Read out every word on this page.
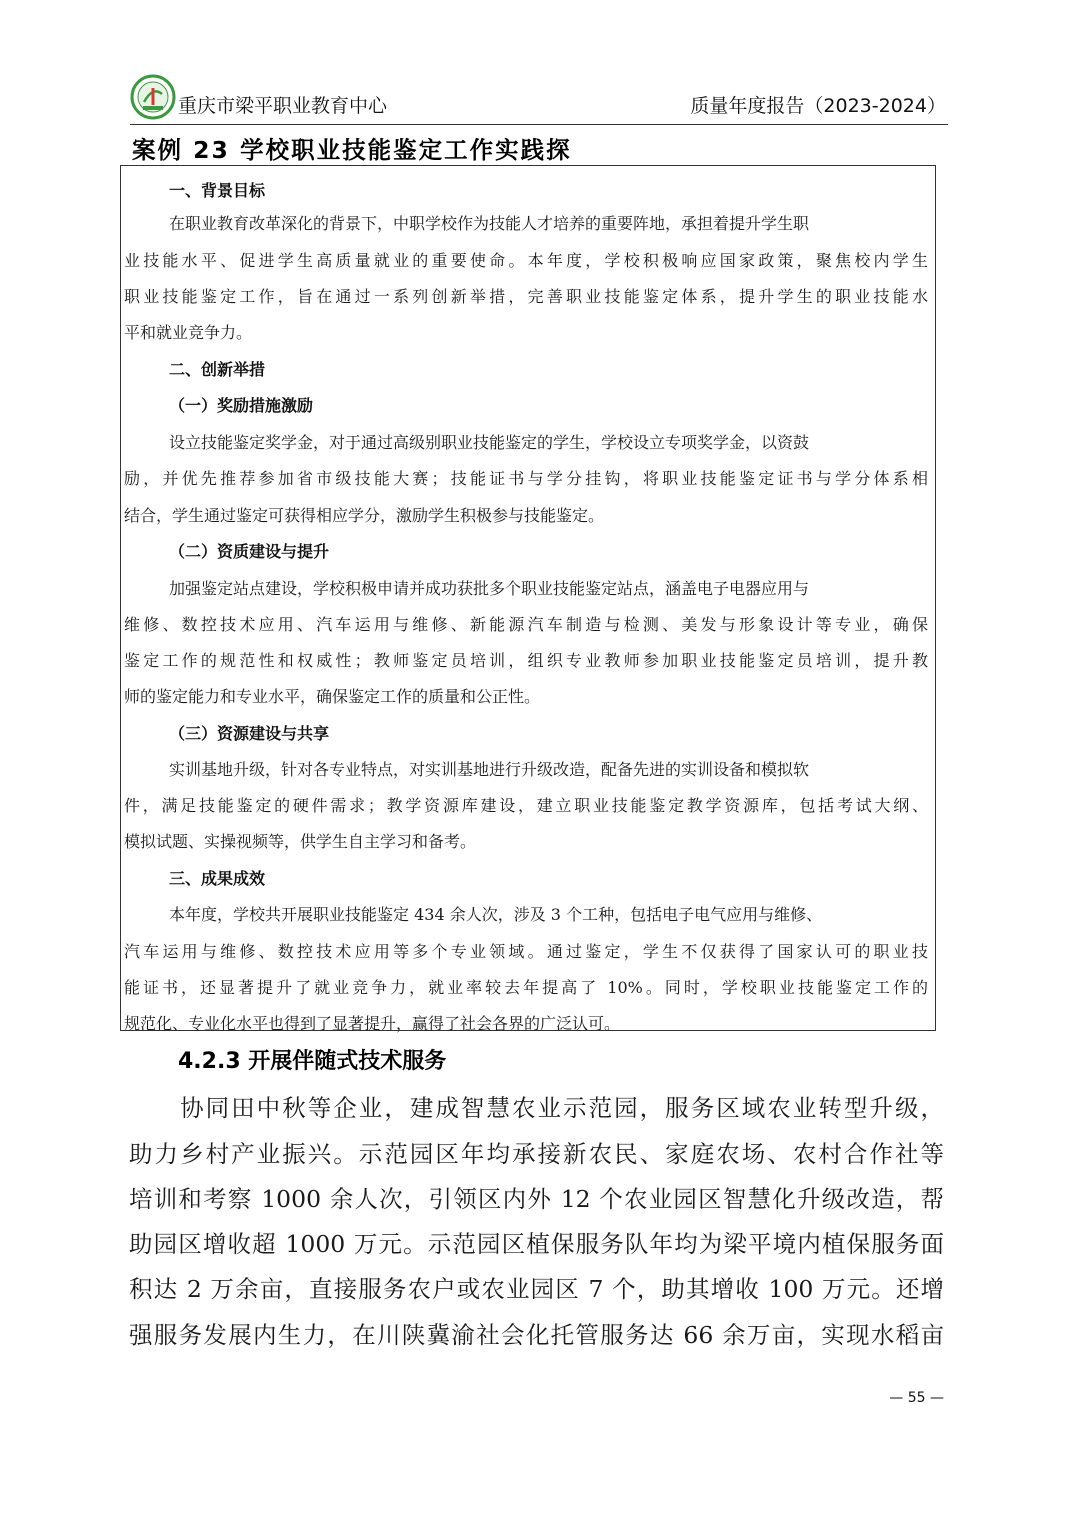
重庆市梁平职业教育中心	质量年度报告（2023-2024）
案例 23 学校职业技能鉴定工作实践探
一、背景目标
在职业教育改革深化的背景下，中职学校作为技能人才培养的重要阵地，承担着提升学生职
业技能水平、促进学生高质量就业的重要使命。本年度，学校积极响应国家政策，聚焦校内学生
职业技能鉴定工作，旨在通过一系列创新举措，完善职业技能鉴定体系，提升学生的职业技能水
平和就业竞争力。
二、创新举措
（一）奖励措施激励
设立技能鉴定奖学金，对于通过高级别职业技能鉴定的学生，学校设立专项奖学金，以资鼓
励，并优先推荐参加省市级技能大赛；技能证书与学分挂钩，将职业技能鉴定证书与学分体系相
结合，学生通过鉴定可获得相应学分，激励学生积极参与技能鉴定。
（二）资质建设与提升
加强鉴定站点建设，学校积极申请并成功获批多个职业技能鉴定站点，涵盖电子电器应用与
维修、数控技术应用、汽车运用与维修、新能源汽车制造与检测、美发与形象设计等专业，确保
鉴定工作的规范性和权威性；教师鉴定员培训，组织专业教师参加职业技能鉴定员培训，提升教
师的鉴定能力和专业水平，确保鉴定工作的质量和公正性。
（三）资源建设与共享
实训基地升级，针对各专业特点，对实训基地进行升级改造，配备先进的实训设备和模拟软
件，满足技能鉴定的硬件需求；教学资源库建设，建立职业技能鉴定教学资源库，包括考试大纲、
模拟试题、实操视频等，供学生自主学习和备考。
三、成果成效
本年度，学校共开展职业技能鉴定 434 余人次，涉及 3 个工种，包括电子电气应用与维修、
汽车运用与维修、数控技术应用等多个专业领域。通过鉴定，学生不仅获得了国家认可的职业技
能证书，还显著提升了就业竞争力，就业率较去年提高了 10%。同时，学校职业技能鉴定工作的
规范化、专业化水平也得到了显著提升，赢得了社会各界的广泛认可。
4.2.3 开展伴随式技术服务
　　协同田中秋等企业，建成智慧农业示范园，服务区域农业转型升级，
助力乡村产业振兴。示范园区年均承接新农民、家庭农场、农村合作社等
培训和考察 1000 余人次，引领区内外 12 个农业园区智慧化升级改造，帮
助园区增收超 1000 万元。示范园区植保服务队年均为梁平境内植保服务面
积达 2 万余亩，直接服务农户或农业园区 7 个，助其增收 100 万元。还增
强服务发展内生力，在川陕冀渝社会化托管服务达 66 余万亩，实现水稻亩
— 55 —
